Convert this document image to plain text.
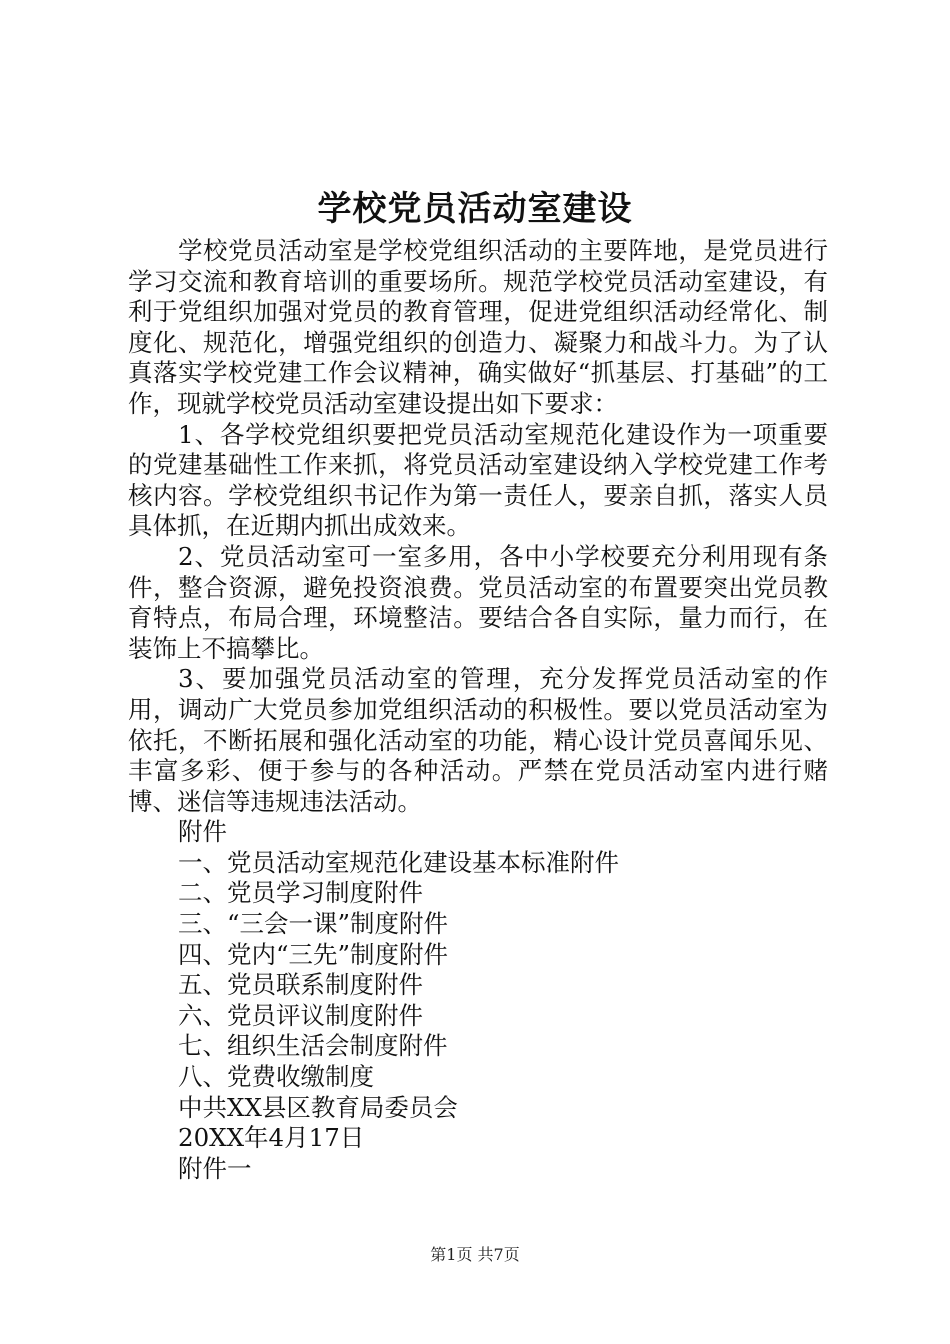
学校党员活动室建设

学校党员活动室是学校党组织活动的主要阵地，是党员进行学习交流和教育培训的重要场所。规范学校党员活动室建设，有利于党组织加强对党员的教育管理，促进党组织活动经常化、制度化、规范化，增强党组织的创造力、凝聚力和战斗力。为了认真落实学校党建工作会议精神，确实做好“抓基层、打基础”的工作，现就学校党员活动室建设提出如下要求：

1、各学校党组织要把党员活动室规范化建设作为一项重要的党建基础性工作来抓，将党员活动室建设纳入学校党建工作考核内容。学校党组织书记作为第一责任人，要亲自抓，落实人员具体抓，在近期内抓出成效来。

2、党员活动室可一室多用，各中小学校要充分利用现有条件，整合资源，避免投资浪费。党员活动室的布置要突出党员教育特点，布局合理，环境整洁。要结合各自实际，量力而行，在装饰上不搞攀比。

3、要加强党员活动室的管理，充分发挥党员活动室的作用，调动广大党员参加党组织活动的积极性。要以党员活动室为依托，不断拓展和强化活动室的功能，精心设计党员喜闻乐见、丰富多彩、便于参与的各种活动。严禁在党员活动室内进行赌博、迷信等违规违法活动。

附件

一、党员活动室规范化建设基本标准附件

二、党员学习制度附件

三、“三会一课”制度附件

四、党内“三先”制度附件

五、党员联系制度附件

六、党员评议制度附件

七、组织生活会制度附件

八、党费收缴制度

中共XX县区教育局委员会

20XX年4月17日

附件一

第1页 共7页
